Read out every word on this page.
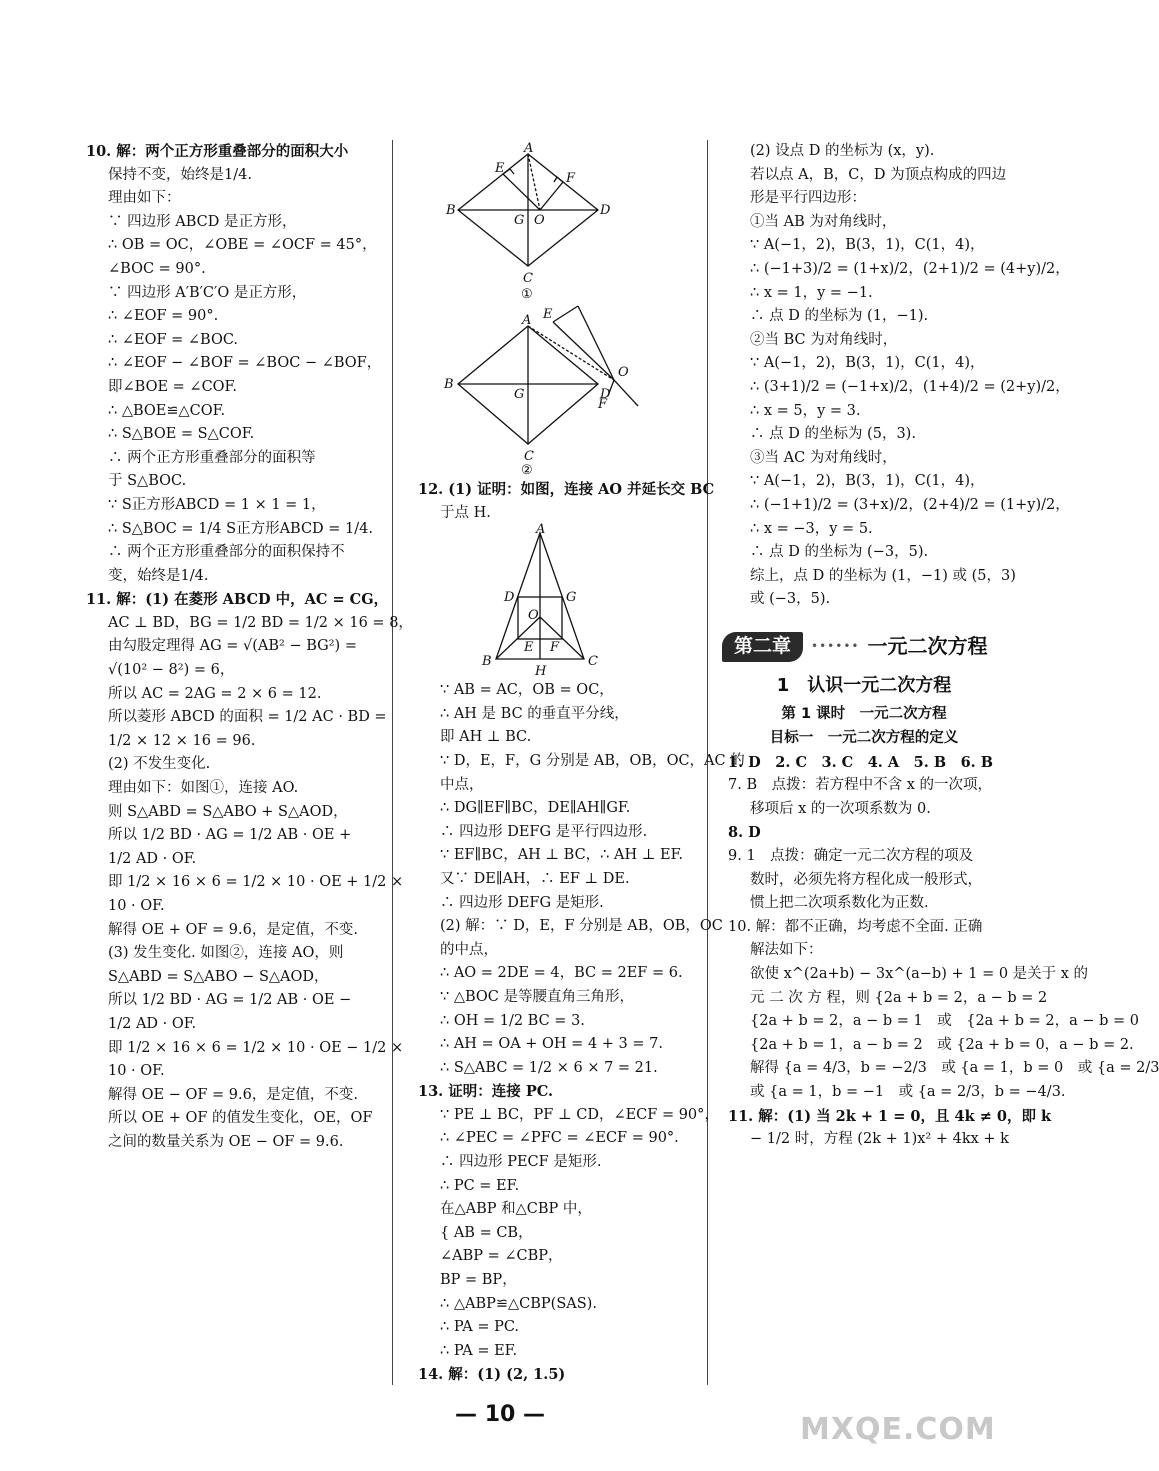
10. 解：两个正方形重叠部分的面积大小
保持不变，始终是1/4.
理由如下：
∵ 四边形 ABCD 是正方形，
∴ OB = OC，∠OBE = ∠OCF = 45°，
∠BOC = 90°.
∵ 四边形 A′B′C′O 是正方形，
∴ ∠EOF = 90°.
∴ ∠EOF = ∠BOC.
∴ ∠EOF − ∠BOF = ∠BOC − ∠BOF，
即∠BOE = ∠COF.
∴ △BOE≌△COF.
∴ S△BOE = S△COF.
∴ 两个正方形重叠部分的面积等
于 S△BOC.
∵ S正方形ABCD = 1 × 1 = 1，
∴ S△BOC = 1/4 S正方形ABCD = 1/4.
∴ 两个正方形重叠部分的面积保持不
变，始终是1/4.
11. 解：(1) 在菱形 ABCD 中，AC = CG，
AC ⊥ BD，BG = 1/2 BD = 1/2 × 16 = 8，
由勾股定理得 AG = √(AB² − BG²) =
√(10² − 8²) = 6，
所以 AC = 2AG = 2 × 6 = 12.
所以菱形 ABCD 的面积 = 1/2 AC · BD =
1/2 × 12 × 16 = 96.
(2) 不发生变化.
理由如下：如图①，连接 AO.
则 S△ABD = S△ABO + S△AOD，
所以 1/2 BD · AG = 1/2 AB · OE +
1/2 AD · OF.
即 1/2 × 16 × 6 = 1/2 × 10 · OE + 1/2 ×
10 · OF.
解得 OE + OF = 9.6，是定值，不变.
(3) 发生变化. 如图②，连接 AO，则
S△ABD = S△ABO − S△AOD，
所以 1/2 BD · AG = 1/2 AB · OE −
1/2 AD · OF.
即 1/2 × 16 × 6 = 1/2 × 10 · OE − 1/2 ×
10 · OF.
解得 OE − OF = 9.6，是定值，不变.
所以 OE + OF 的值发生变化，OE，OF
之间的数量关系为 OE − OF = 9.6.
A
B
C
D
E
F
G O
①
A
B
C
D
E
F
G
O
②
12. (1) 证明：如图，连接 AO 并延长交 BC
于点 H.
A
B	C
D
E F
G
O
H
∵ AB = AC，OB = OC，
∴ AH 是 BC 的垂直平分线，
即 AH ⊥ BC.
∵ D，E，F，G 分别是 AB，OB，OC，AC 的
中点，
∴ DG∥EF∥BC，DE∥AH∥GF.
∴ 四边形 DEFG 是平行四边形.
∵ EF∥BC，AH ⊥ BC，∴ AH ⊥ EF.
又∵ DE∥AH，∴ EF ⊥ DE.
∴ 四边形 DEFG 是矩形.
(2) 解：∵ D，E，F 分别是 AB，OB，OC
的中点，
∴ AO = 2DE = 4，BC = 2EF = 6.
∵ △BOC 是等腰直角三角形，
∴ OH = 1/2 BC = 3.
∴ AH = OA + OH = 4 + 3 = 7.
∴ S△ABC = 1/2 × 6 × 7 = 21.
13. 证明：连接 PC.
∵ PE ⊥ BC，PF ⊥ CD，∠ECF = 90°，
∴ ∠PEC = ∠PFC = ∠ECF = 90°.
∴ 四边形 PECF 是矩形.
∴ PC = EF.
在△ABP 和△CBP 中，
{ AB = CB，
∠ABP = ∠CBP，
BP = BP，
∴ △ABP≌△CBP(SAS).
∴ PA = PC.
∴ PA = EF.
14. 解：(1) (2, 1.5)
(2) 设点 D 的坐标为 (x，y).
若以点 A，B，C，D 为顶点构成的四边
形是平行四边形：
①当 AB 为对角线时，
∵ A(−1，2)，B(3，1)，C(1，4)，
∴ (−1+3)/2 = (1+x)/2，(2+1)/2 = (4+y)/2，
∴ x = 1，y = −1.
∴ 点 D 的坐标为 (1，−1).
②当 BC 为对角线时，
∵ A(−1，2)，B(3，1)，C(1，4)，
∴ (3+1)/2 = (−1+x)/2，(1+4)/2 = (2+y)/2，
∴ x = 5，y = 3.
∴ 点 D 的坐标为 (5，3).
③当 AC 为对角线时，
∵ A(−1，2)，B(3，1)，C(1，4)，
∴ (−1+1)/2 = (3+x)/2，(2+4)/2 = (1+y)/2，
∴ x = −3，y = 5.
∴ 点 D 的坐标为 (−3，5).
综上，点 D 的坐标为 (1，−1) 或 (5，3)
或 (−3，5).
第二章	•••••• 一元二次方程
1　认识一元二次方程
第 1 课时　一元二次方程
目标一　一元二次方程的定义
1. D　2. C　3. C　4. A　5. B　6. B
7. B　点拨：若方程中不含 x 的一次项，
移项后 x 的一次项系数为 0.
8. D
9. 1　点拨：确定一元二次方程的项及
数时，必须先将方程化成一般形式，
惯上把二次项系数化为正数.
10. 解：都不正确，均考虑不全面. 正确
解法如下：
欲使 x^(2a+b) − 3x^(a−b) + 1 = 0 是关于 x 的
元 二 次 方 程，则 {2a + b = 2，a − b = 2
{2a + b = 2，a − b = 1　或　{2a + b = 2，a − b = 0
{2a + b = 1，a − b = 2　或 {2a + b = 0，a − b = 2.
解得 {a = 4/3，b = −2/3　或 {a = 1，b = 0　或 {a = 2/3
或 {a = 1，b = −1　或 {a = 2/3，b = −4/3.
11. 解：(1) 当 2k + 1 = 0，且 4k ≠ 0，即 k
− 1/2 时，方程 (2k + 1)x² + 4kx + k
— 10 —	MXQE.COM
